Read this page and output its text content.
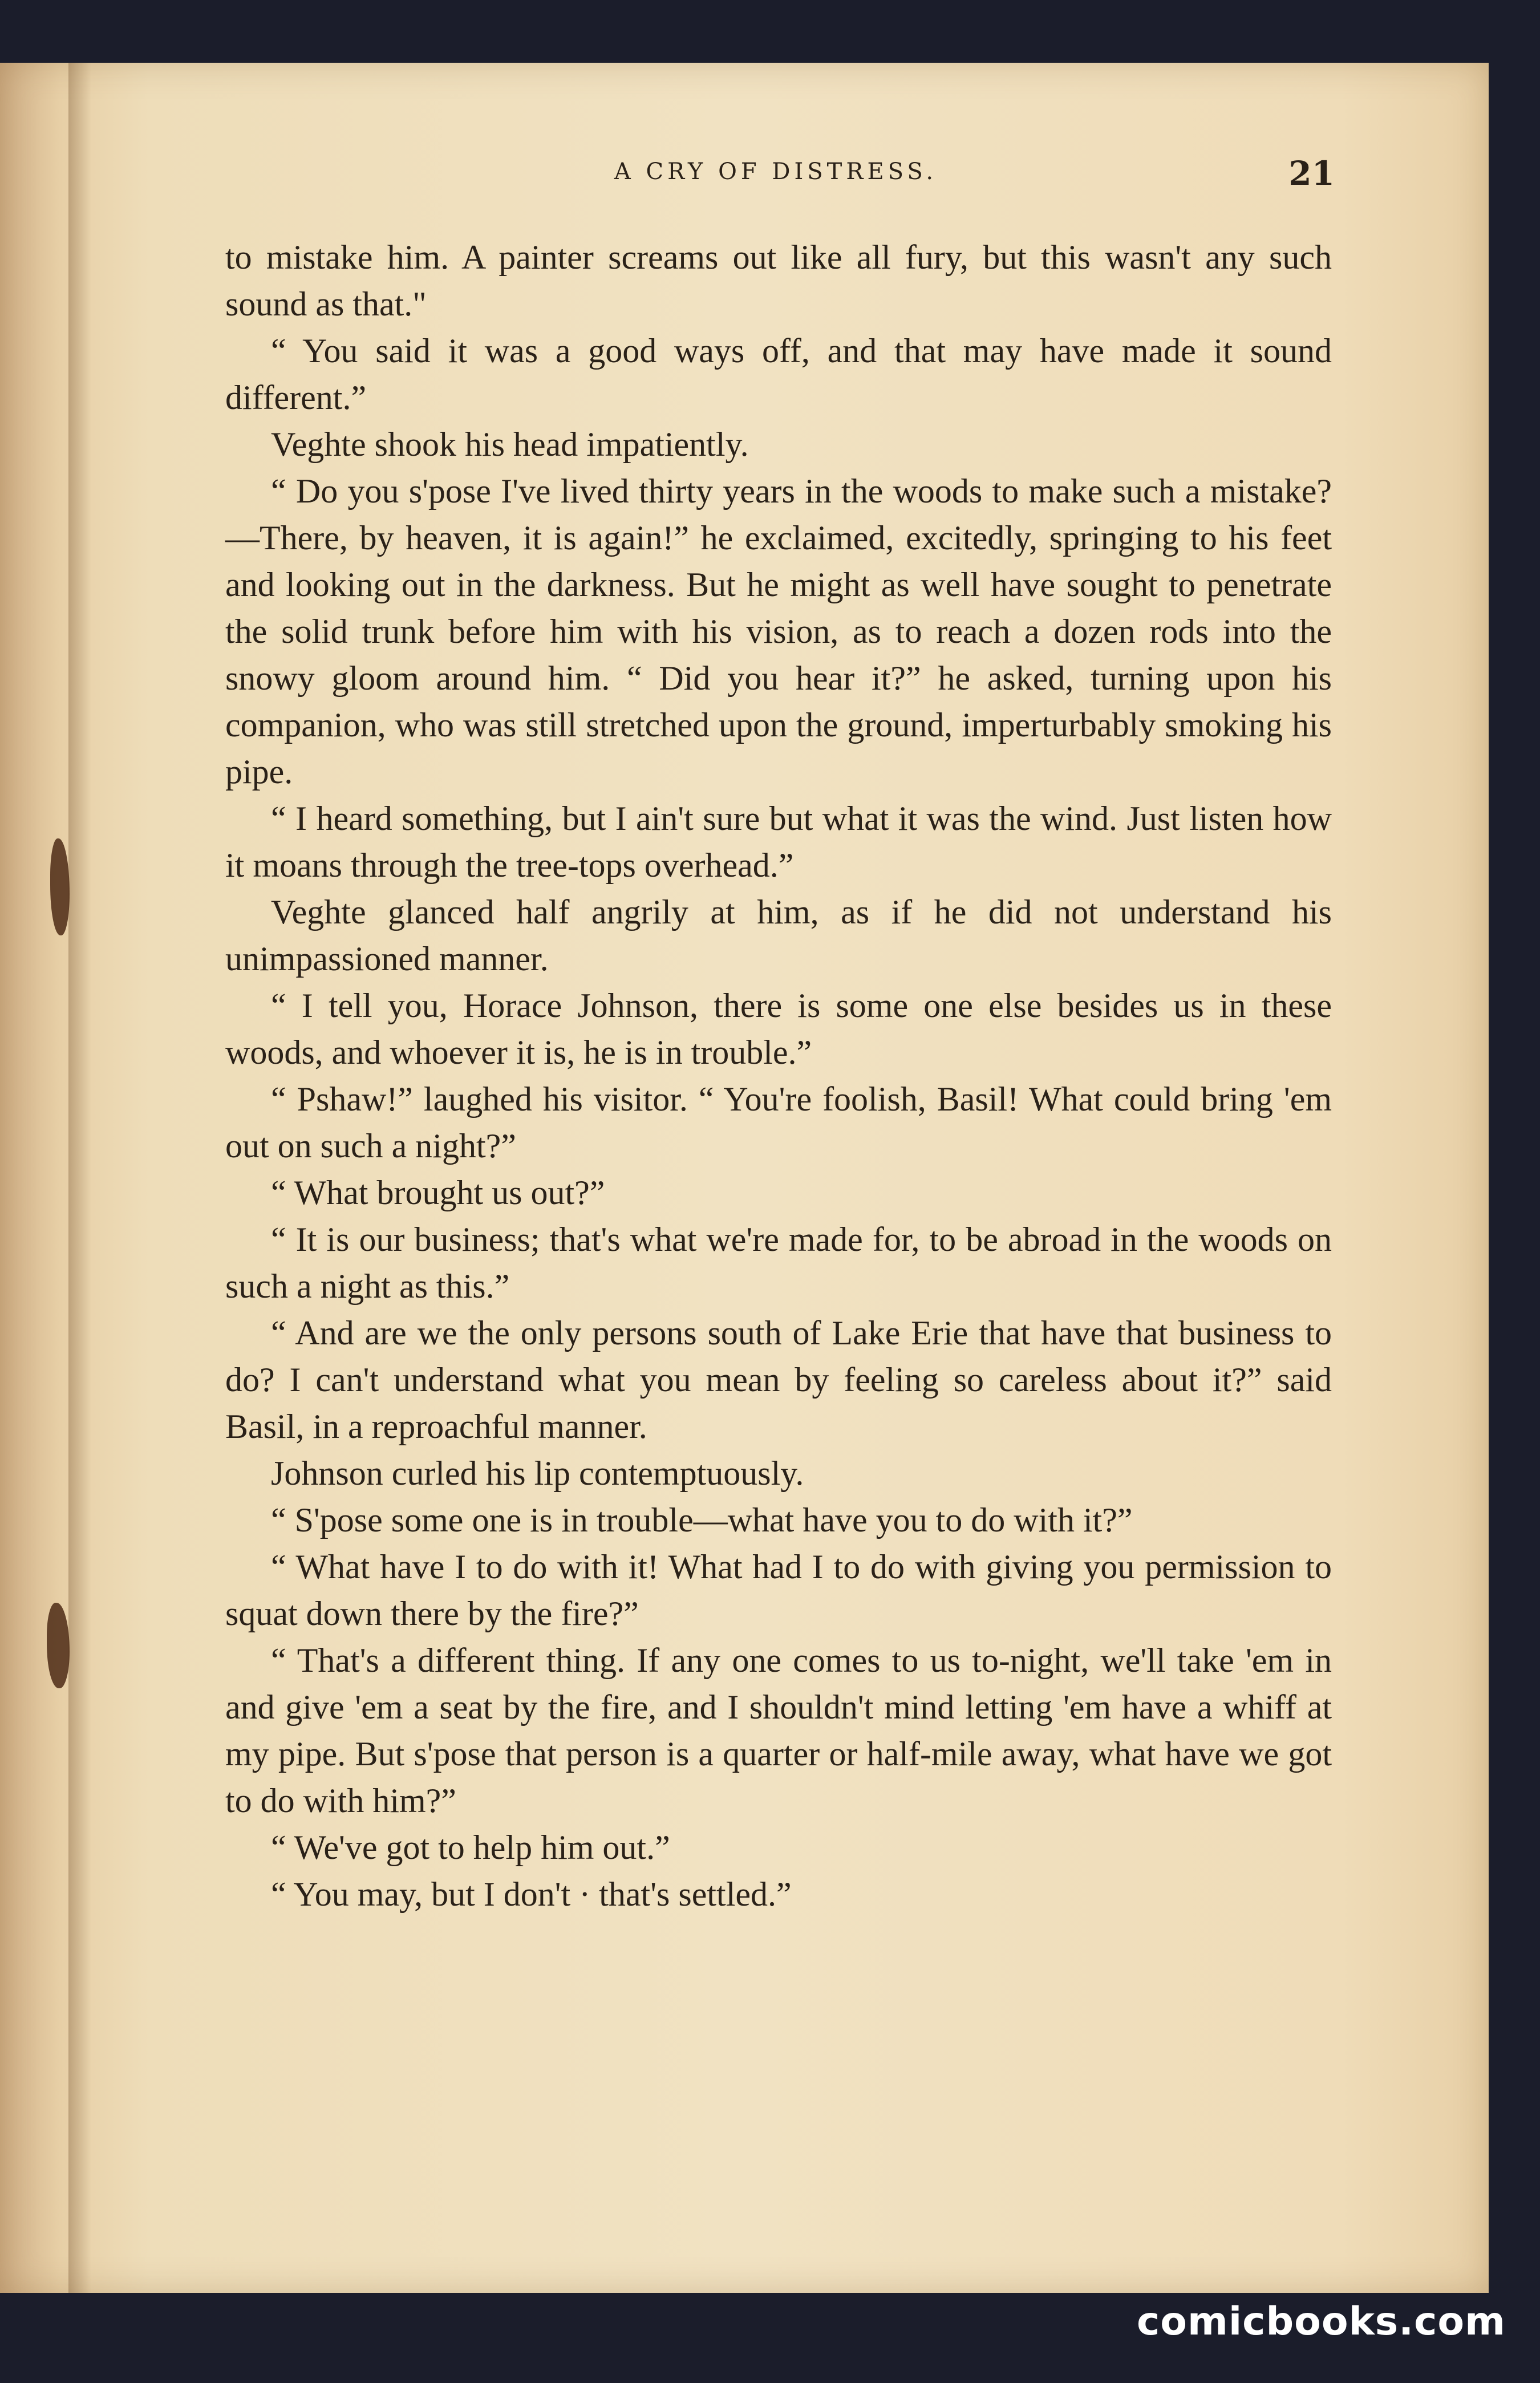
A CRY OF DISTRESS.	21

to mistake him. A painter screams out like all fury, but this wasn't any such sound as that."

“ You said it was a good ways off, and that may have made it sound different.”

Veghte shook his head impatiently.

“ Do you s'pose I've lived thirty years in the woods to make such a mistake?—There, by heaven, it is again!” he exclaimed, excitedly, springing to his feet and looking out in the darkness. But he might as well have sought to penetrate the solid trunk before him with his vision, as to reach a dozen rods into the snowy gloom around him. “ Did you hear it?” he asked, turning upon his companion, who was still stretched upon the ground, imperturbably smoking his pipe.

“ I heard something, but I ain't sure but what it was the wind. Just listen how it moans through the tree-tops overhead.”

Veghte glanced half angrily at him, as if he did not understand his unimpassioned manner.

“ I tell you, Horace Johnson, there is some one else besides us in these woods, and whoever it is, he is in trouble.”

“ Pshaw!” laughed his visitor. “ You're foolish, Basil! What could bring 'em out on such a night?”

“ What brought us out?”

“ It is our business; that's what we're made for, to be abroad in the woods on such a night as this.”

“ And are we the only persons south of Lake Erie that have that business to do? I can't understand what you mean by feeling so careless about it?” said Basil, in a reproachful manner.

Johnson curled his lip contemptuously.

“ S'pose some one is in trouble—what have you to do with it?”

“ What have I to do with it! What had I to do with giving you permission to squat down there by the fire?”

“ That's a different thing. If any one comes to us to-night, we'll take 'em in and give 'em a seat by the fire, and I shouldn't mind letting 'em have a whiff at my pipe. But s'pose that person is a quarter or half-mile away, what have we got to do with him?”

“ We've got to help him out.”

“ You may, but I don't · that's settled.”

comicbooks.com
